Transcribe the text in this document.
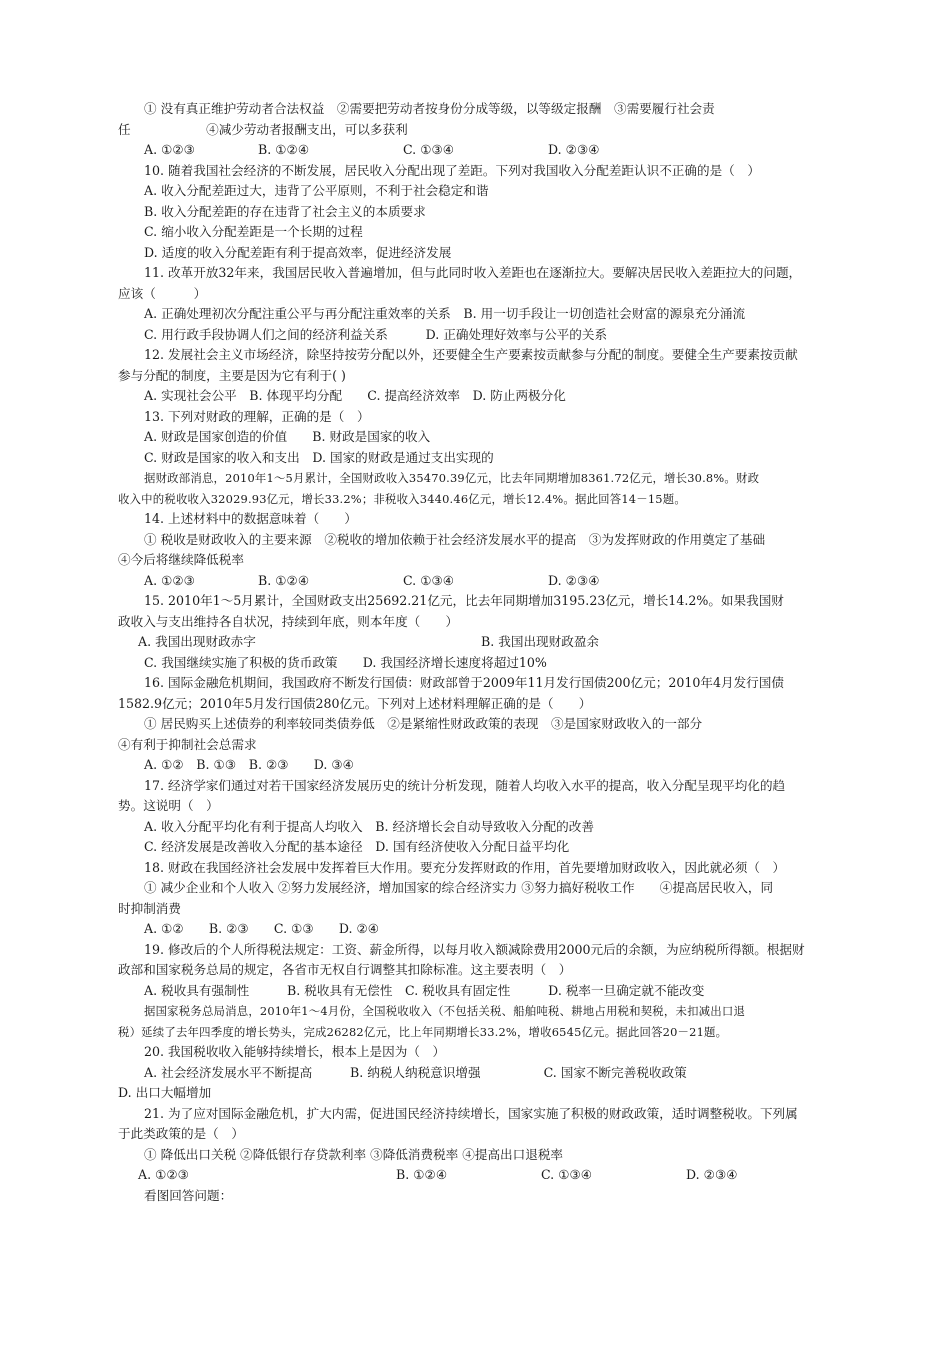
① 没有真正维护劳动者合法权益　②需要把劳动者按身份分成等级，以等级定报酬　③需要履行社会责
任　　　　　　④减少劳动者报酬支出，可以多获利
A. ①②③	B. ①②④	C. ①③④	D. ②③④
10. 随着我国社会经济的不断发展，居民收入分配出现了差距。下列对我国收入分配差距认识不正确的是（　）
A. 收入分配差距过大，违背了公平原则，不利于社会稳定和谐
B. 收入分配差距的存在违背了社会主义的本质要求
C. 缩小收入分配差距是一个长期的过程
D. 适度的收入分配差距有利于提高效率，促进经济发展
11. 改革开放32年来，我国居民收入普遍增加，但与此同时收入差距也在逐渐拉大。要解决居民收入差距拉大的问题，
应该（　　　）
A. 正确处理初次分配注重公平与再分配注重效率的关系　B. 用一切手段让一切创造社会财富的源泉充分涌流
C. 用行政手段协调人们之间的经济利益关系　　　D. 正确处理好效率与公平的关系
12. 发展社会主义市场经济，除坚持按劳分配以外，还要健全生产要素按贡献参与分配的制度。要健全生产要素按贡献
参与分配的制度，主要是因为它有利于( )
A. 实现社会公平　B. 体现平均分配　　C. 提高经济效率　D. 防止两极分化
13. 下列对财政的理解，正确的是（　）
A. 财政是国家创造的价值　　B. 财政是国家的收入
C. 财政是国家的收入和支出　D. 国家的财政是通过支出实现的
据财政部消息，2010年1～5月累计，全国财政收入35470.39亿元，比去年同期增加8361.72亿元，增长30.8%。财政
收入中的税收收入32029.93亿元，增长33.2%；非税收入3440.46亿元，增长12.4%。据此回答14－15题。
14. 上述材料中的数据意味着（　　）
① 税收是财政收入的主要来源　②税收的增加依赖于社会经济发展水平的提高　③为发挥财政的作用奠定了基础
④今后将继续降低税率
A. ①②③	B. ①②④	C. ①③④	D. ②③④
15. 2010年1～5月累计，全国财政支出25692.21亿元，比去年同期增加3195.23亿元，增长14.2%。如果我国财
政收入与支出维持各自状况，持续到年底，则本年度（　　）
A. 我国出现财政赤字	B. 我国出现财政盈余
C. 我国继续实施了积极的货币政策　　D. 我国经济增长速度将超过10%
16. 国际金融危机期间，我国政府不断发行国债：财政部曾于2009年11月发行国债200亿元；2010年4月发行国债
1582.9亿元；2010年5月发行国债280亿元。下列对上述材料理解正确的是（　　）
① 居民购买上述债券的利率较同类债券低　②是紧缩性财政政策的表现　③是国家财政收入的一部分
④有利于抑制社会总需求
A. ①②　B. ①③　B. ②③　　D. ③④
17. 经济学家们通过对若干国家经济发展历史的统计分析发现，随着人均收入水平的提高，收入分配呈现平均化的趋
势。这说明（　）
A. 收入分配平均化有利于提高人均收入　B. 经济增长会自动导致收入分配的改善
C. 经济发展是改善收入分配的基本途径　D. 国有经济使收入分配日益平均化
18. 财政在我国经济社会发展中发挥着巨大作用。要充分发挥财政的作用，首先要增加财政收入，因此就必须（　）
① 减少企业和个人收入 ②努力发展经济，增加国家的综合经济实力 ③努力搞好税收工作　　④提高居民收入，同
时抑制消费
A. ①②　　B. ②③　　C. ①③　　D. ②④
19. 修改后的个人所得税法规定：工资、薪金所得，以每月收入额减除费用2000元后的余额，为应纳税所得额。根据财
政部和国家税务总局的规定，各省市无权自行调整其扣除标准。这主要表明（　）
A. 税收具有强制性　　　B. 税收具有无偿性　C. 税收具有固定性　　　D. 税率一旦确定就不能改变
据国家税务总局消息，2010年1～4月份，全国税收收入（不包括关税、船舶吨税、耕地占用税和契税，未扣减出口退
税）延续了去年四季度的增长势头，完成26282亿元，比上年同期增长33.2%，增收6545亿元。据此回答20－21题。
20. 我国税收收入能够持续增长，根本上是因为（　）
A. 社会经济发展水平不断提高　　　B. 纳税人纳税意识增强　　　　　C. 国家不断完善税收政策
D. 出口大幅增加
21. 为了应对国际金融危机，扩大内需，促进国民经济持续增长，国家实施了积极的财政政策，适时调整税收。下列属
于此类政策的是（　）
① 降低出口关税 ②降低银行存贷款利率 ③降低消费税率 ④提高出口退税率
A. ①②③	B. ①②④	C. ①③④	D. ②③④
看图回答问题：
